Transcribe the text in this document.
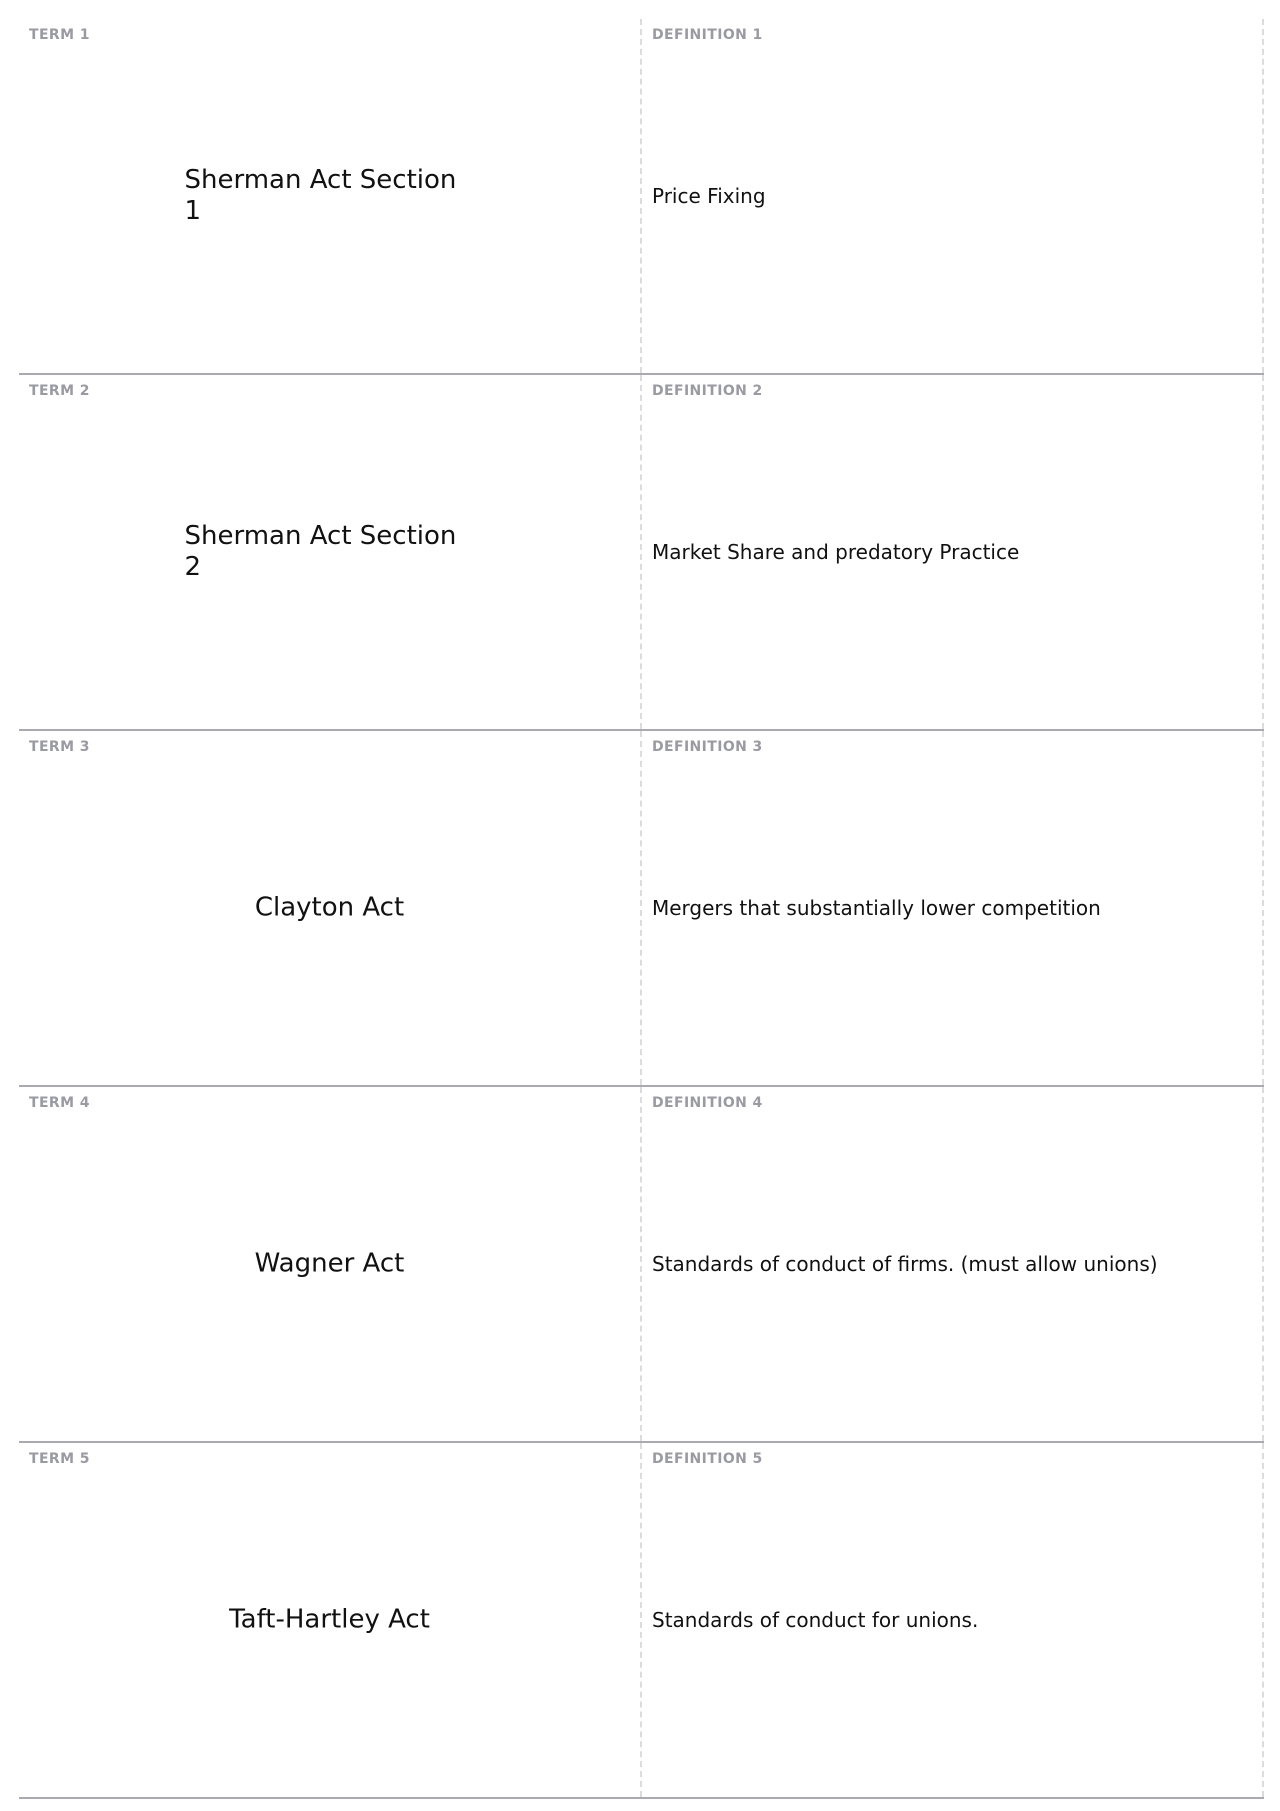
TERM 1
Sherman Act Section 1
DEFINITION 1
Price Fixing
TERM 2
Sherman Act Section 2
DEFINITION 2
Market Share and predatory Practice
TERM 3
Clayton Act
DEFINITION 3
Mergers that substantially lower competition
TERM 4
Wagner Act
DEFINITION 4
Standards of conduct of firms. (must allow unions)
TERM 5
Taft-Hartley Act
DEFINITION 5
Standards of conduct for unions.
